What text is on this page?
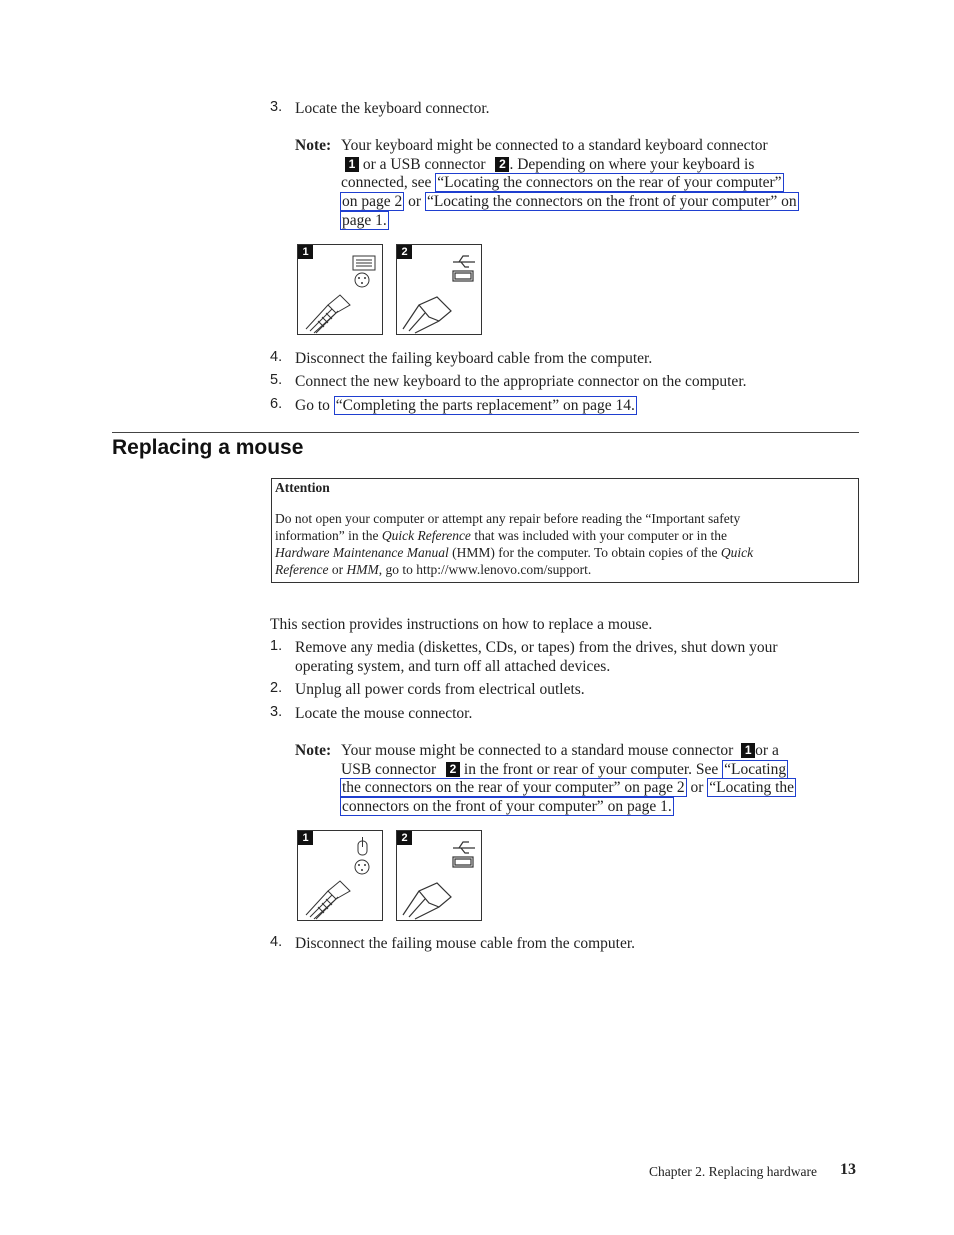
3. Locate the keyboard connector.
Note: Your keyboard might be connected to a standard keyboard connector
1 or a USB connector 2 . Depending on where your keyboard is
connected, see “Locating the connectors on the rear of your computer”
on page 2 or “Locating the connectors on the front of your computer” on
page 1.
1	2
4. Disconnect the failing keyboard cable from the computer.
5. Connect the new keyboard to the appropriate connector on the computer.
6. Go to “Completing the parts replacement” on page 14.
Replacing a mouse
Attention
Do not open your computer or attempt any repair before reading the “Important safety
information” in the Quick Reference that was included with your computer or in the
Hardware Maintenance Manual (HMM) for the computer. To obtain copies of the Quick
Reference or HMM, go to http://www.lenovo.com/support.
This section provides instructions on how to replace a mouse.
1. Remove any media (diskettes, CDs, or tapes) from the drives, shut down your
operating system, and turn off all attached devices.
2. Unplug all power cords from electrical outlets.
3. Locate the mouse connector.
Note: Your mouse might be connected to a standard mouse connector 1 or a
USB connector 2 in the front or rear of your computer. See “Locating
the connectors on the rear of your computer” on page 2 or “Locating the
connectors on the front of your computer” on page 1.
1	2
4. Disconnect the failing mouse cable from the computer.
Chapter 2. Replacing hardware 13
